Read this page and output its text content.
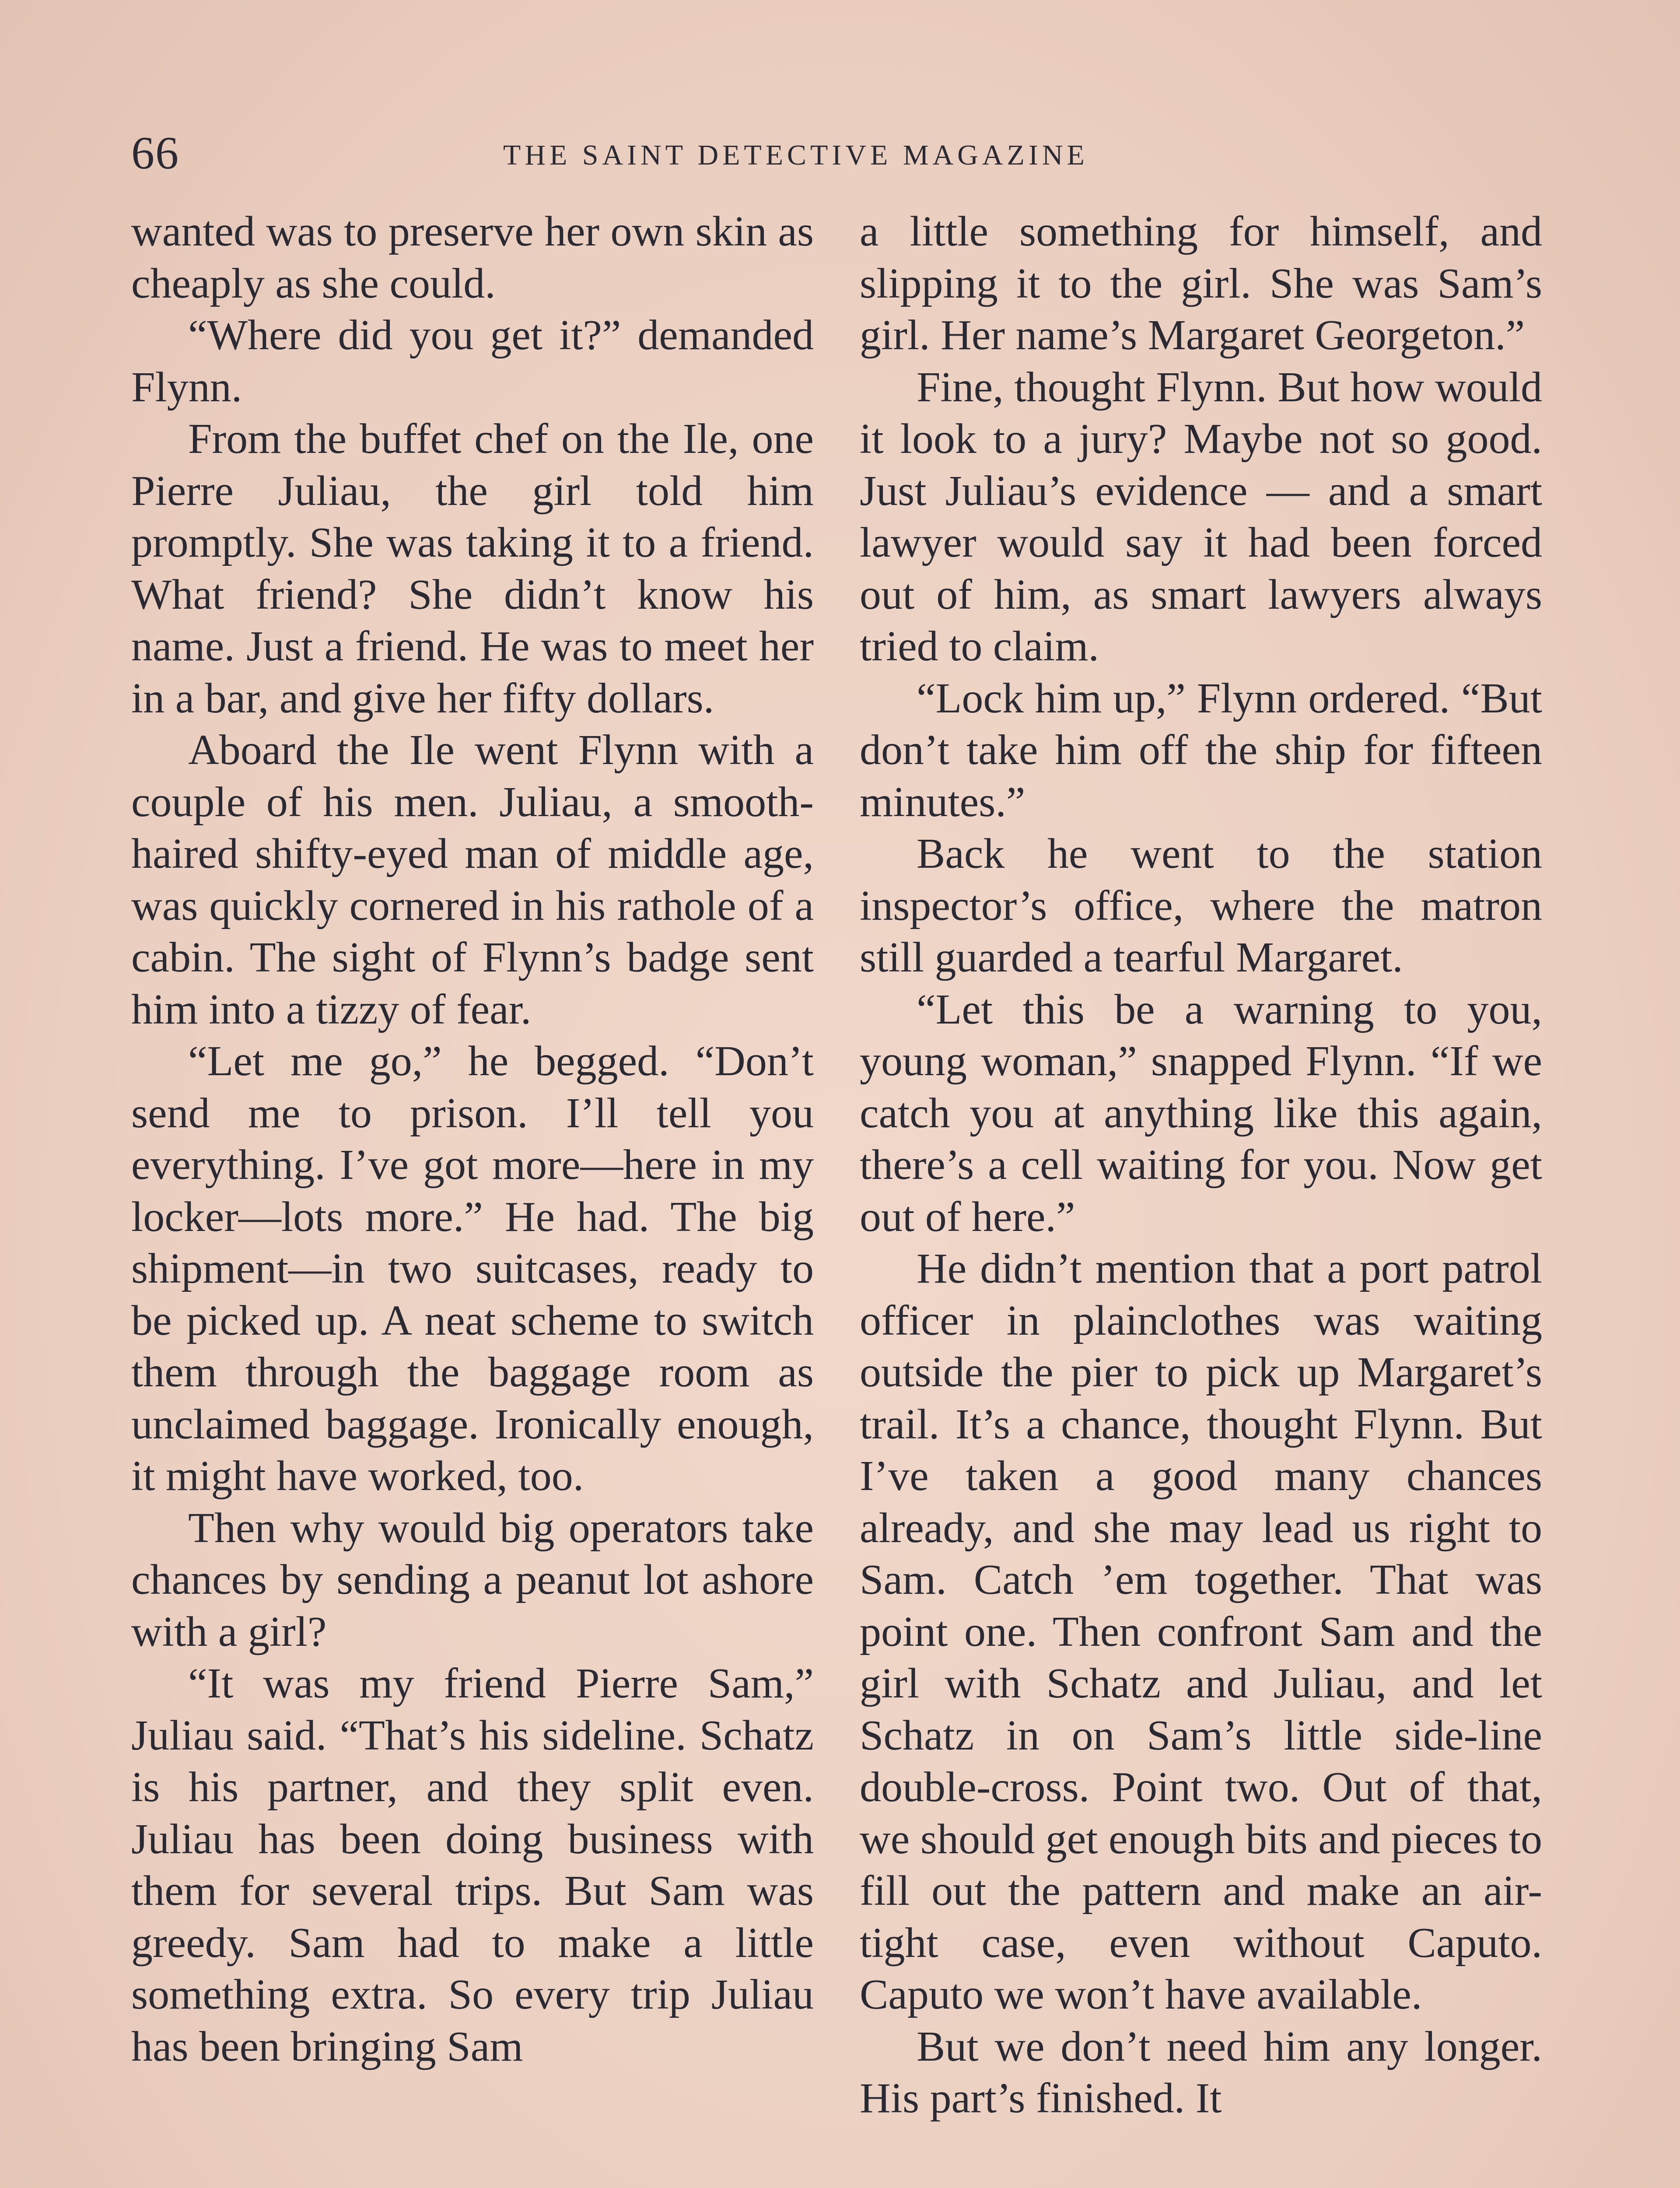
66	THE SAINT DETECTIVE MAGAZINE

wanted was to preserve her own skin as cheaply as she could.

“Where did you get it?” demanded Flynn.

From the buffet chef on the Ile, one Pierre Juliau, the girl told him promptly. She was taking it to a friend. What friend? She didn’t know his name. Just a friend. He was to meet her in a bar, and give her fifty dollars.

Aboard the Ile went Flynn with a couple of his men. Juliau, a smooth-haired shifty-eyed man of middle age, was quickly cornered in his rathole of a cabin. The sight of Flynn’s badge sent him into a tizzy of fear.

“Let me go,” he begged. “Don’t send me to prison. I’ll tell you everything. I’ve got more—here in my locker—lots more.” He had. The big shipment—in two suitcases, ready to be picked up. A neat scheme to switch them through the baggage room as unclaimed baggage. Ironically enough, it might have worked, too.

Then why would big operators take chances by sending a peanut lot ashore with a girl?

“It was my friend Pierre Sam,” Juliau said. “That’s his sideline. Schatz is his partner, and they split even. Juliau has been doing business with them for several trips. But Sam was greedy. Sam had to make a little something extra. So every trip Juliau has been bringing Sam

a little something for himself, and slipping it to the girl. She was Sam’s girl. Her name’s Margaret Georgeton.”

Fine, thought Flynn. But how would it look to a jury? Maybe not so good. Just Juliau’s evidence — and a smart lawyer would say it had been forced out of him, as smart lawyers always tried to claim.

“Lock him up,” Flynn ordered. “But don’t take him off the ship for fifteen minutes.”

Back he went to the station inspector’s office, where the matron still guarded a tearful Margaret.

“Let this be a warning to you, young woman,” snapped Flynn. “If we catch you at anything like this again, there’s a cell waiting for you. Now get out of here.”

He didn’t mention that a port patrol officer in plainclothes was waiting outside the pier to pick up Margaret’s trail. It’s a chance, thought Flynn. But I’ve taken a good many chances already, and she may lead us right to Sam. Catch ’em together. That was point one. Then confront Sam and the girl with Schatz and Juliau, and let Schatz in on Sam’s little side-line double-cross. Point two. Out of that, we should get enough bits and pieces to fill out the pattern and make an air-tight case, even without Caputo. Caputo we won’t have available.

But we don’t need him any longer. His part’s finished. It
